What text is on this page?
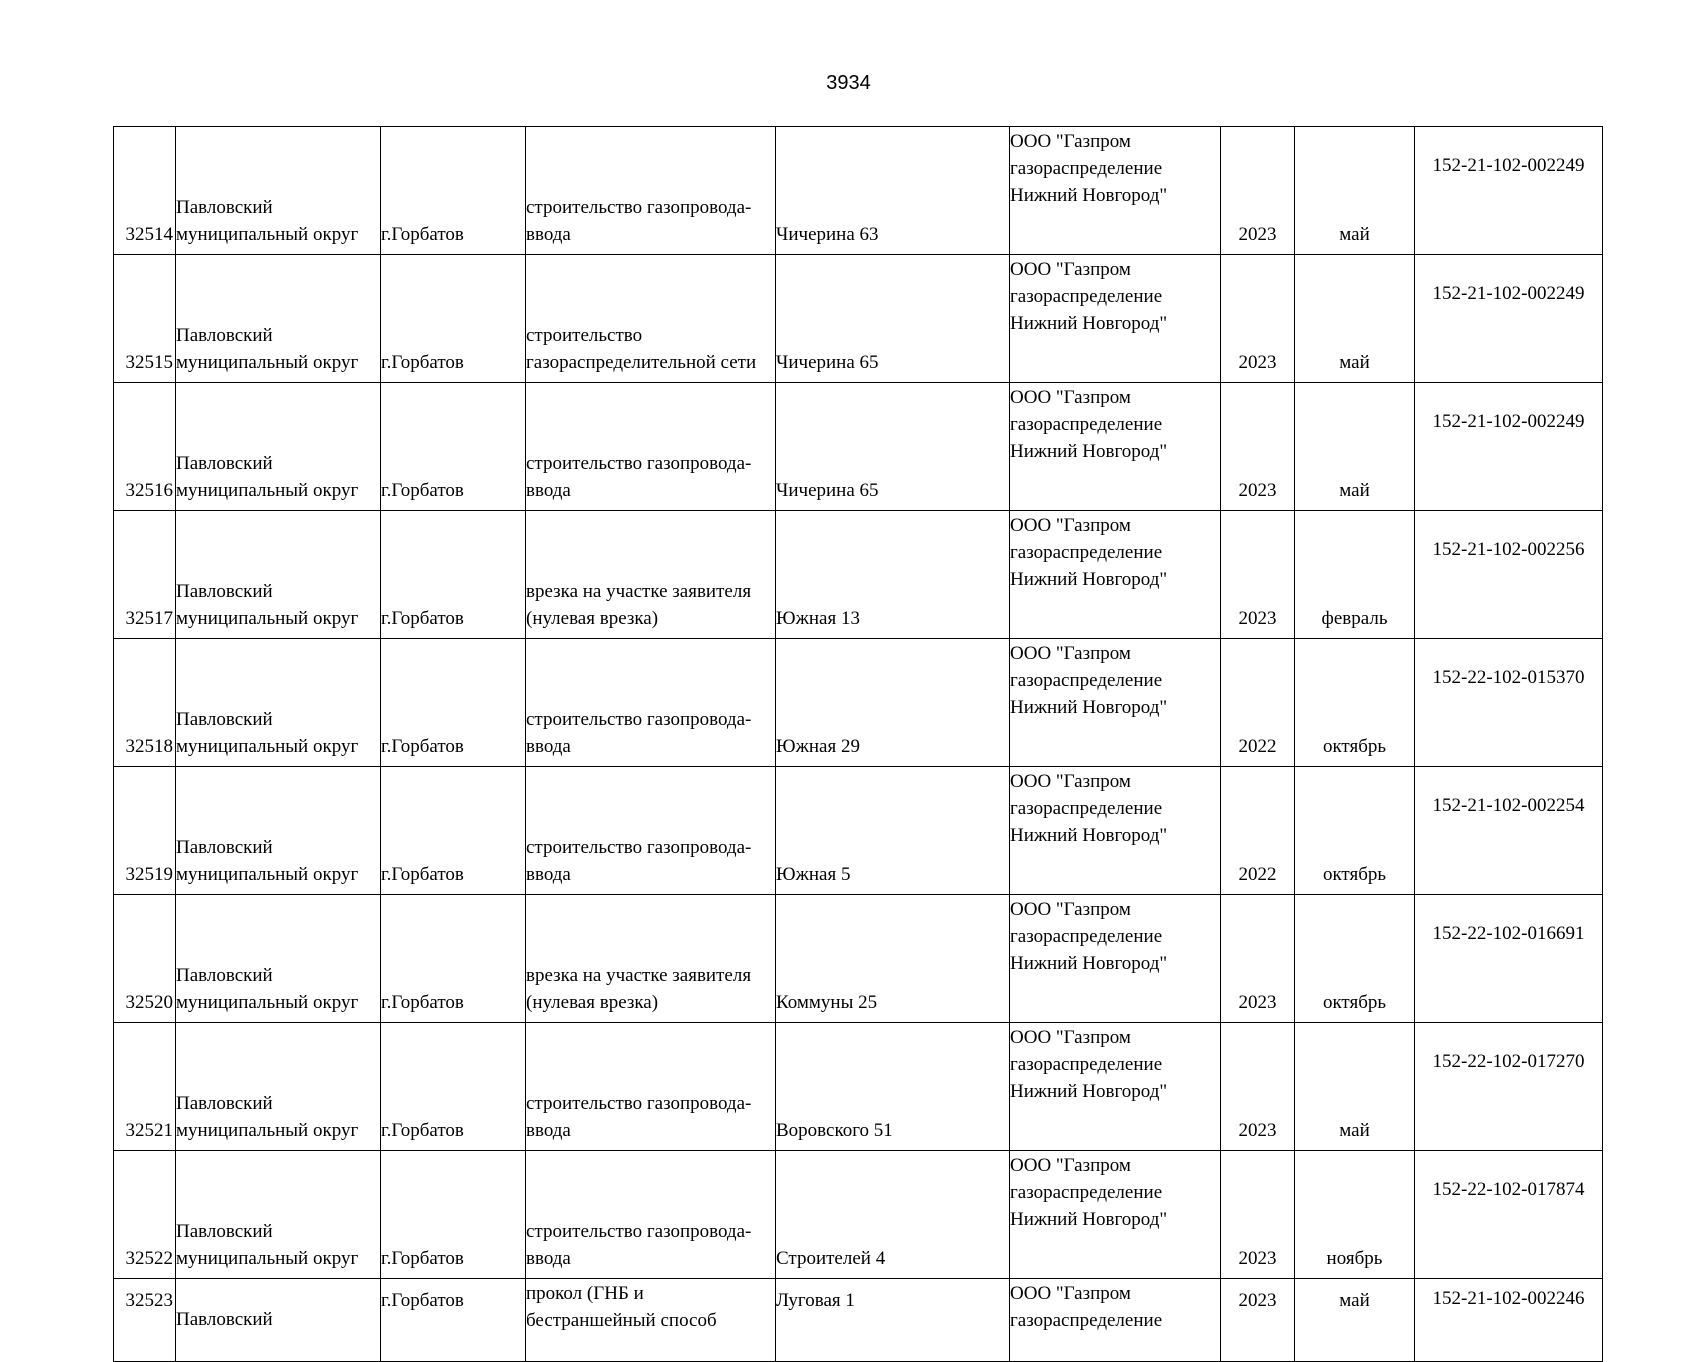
3934
32514	Павловский
муниципальный округ	г.Горбатов	строительство газопровода-
ввода	Чичерина 63	ООО "Газпром
газораспределение
Нижний Новгород"	2023	май	152-21-102-002249

32515	Павловский
муниципальный округ	г.Горбатов	строительство
газораспределительной сети	Чичерина 65	ООО "Газпром
газораспределение
Нижний Новгород"	2023	май	152-21-102-002249

32516	Павловский
муниципальный округ	г.Горбатов	строительство газопровода-
ввода	Чичерина 65	ООО "Газпром
газораспределение
Нижний Новгород"	2023	май	152-21-102-002249

32517	Павловский
муниципальный округ	г.Горбатов	врезка на участке заявителя
(нулевая врезка)	Южная 13	ООО "Газпром
газораспределение
Нижний Новгород"	2023	февраль	152-21-102-002256

32518	Павловский
муниципальный округ	г.Горбатов	строительство газопровода-
ввода	Южная 29	ООО "Газпром
газораспределение
Нижний Новгород"	2022	октябрь	152-22-102-015370

32519	Павловский
муниципальный округ	г.Горбатов	строительство газопровода-
ввода	Южная 5	ООО "Газпром
газораспределение
Нижний Новгород"	2022	октябрь	152-21-102-002254

32520	Павловский
муниципальный округ	г.Горбатов	врезка на участке заявителя
(нулевая врезка)	Коммуны 25	ООО "Газпром
газораспределение
Нижний Новгород"	2023	октябрь	152-22-102-016691

32521	Павловский
муниципальный округ	г.Горбатов	строительство газопровода-
ввода	Воровского 51	ООО "Газпром
газораспределение
Нижний Новгород"	2023	май	152-22-102-017270

32522	Павловский
муниципальный округ	г.Горбатов	строительство газопровода-
ввода	Строителей 4	ООО "Газпром
газораспределение
Нижний Новгород"	2023	ноябрь	152-22-102-017874

32523	Павловский	г.Горбатов	прокол (ГНБ и
бестраншейный способ	Луговая 1	ООО "Газпром
газораспределение	2023	май	152-21-102-002246
